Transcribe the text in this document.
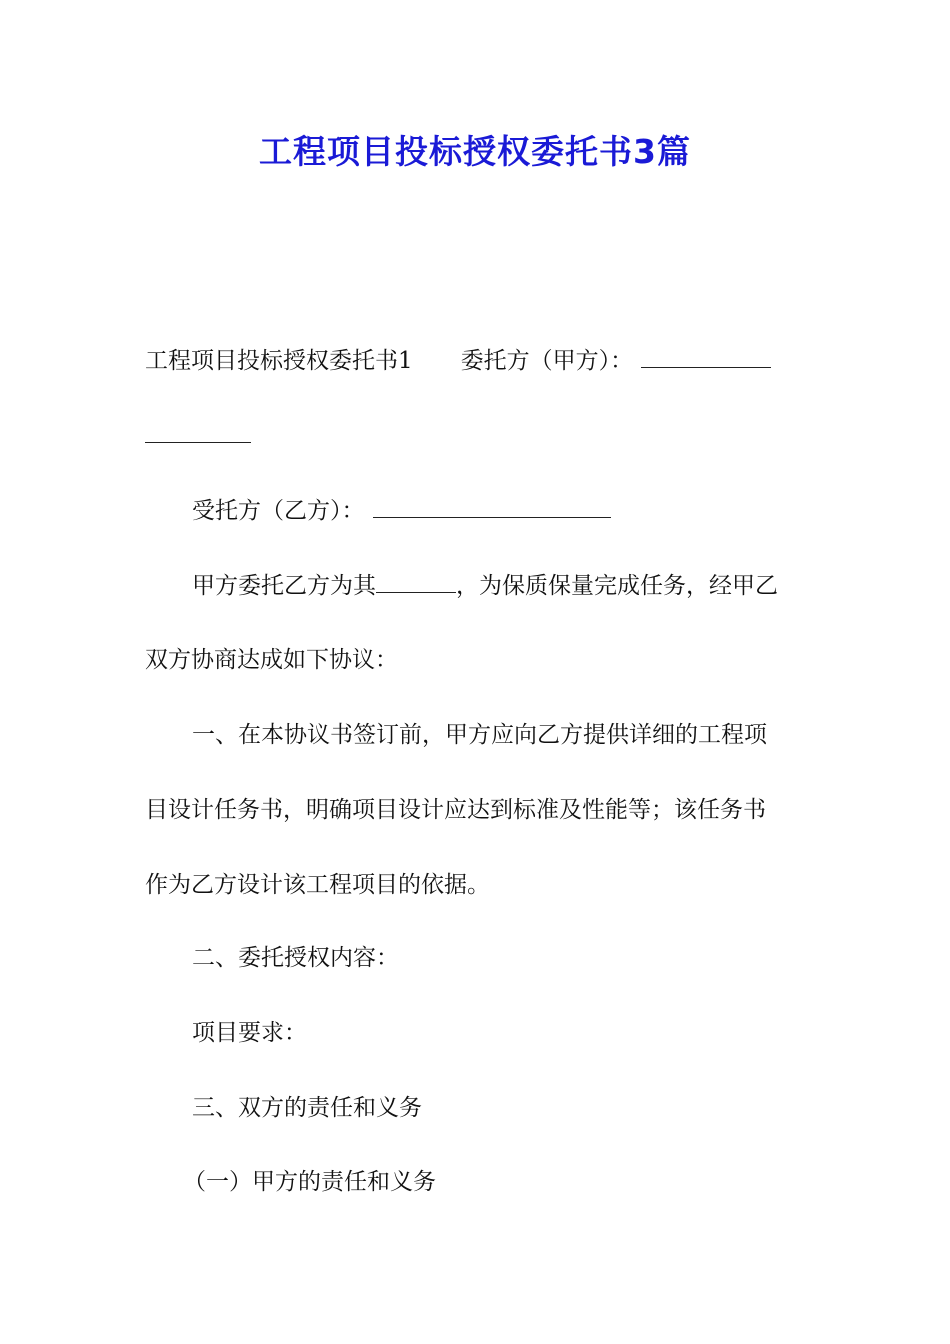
工程项目投标授权委托书3篇
工程项目投标授权委托书1 委托方（甲方）：
受托方（乙方）：
甲方委托乙方为其	，为保质保量完成任务，经甲乙
双方协商达成如下协议：
一、在本协议书签订前，甲方应向乙方提供详细的工程项
目设计任务书，明确项目设计应达到标准及性能等；该任务书
作为乙方设计该工程项目的依据。
二、委托授权内容：
项目要求：
三、双方的责任和义务
（一）甲方的责任和义务
